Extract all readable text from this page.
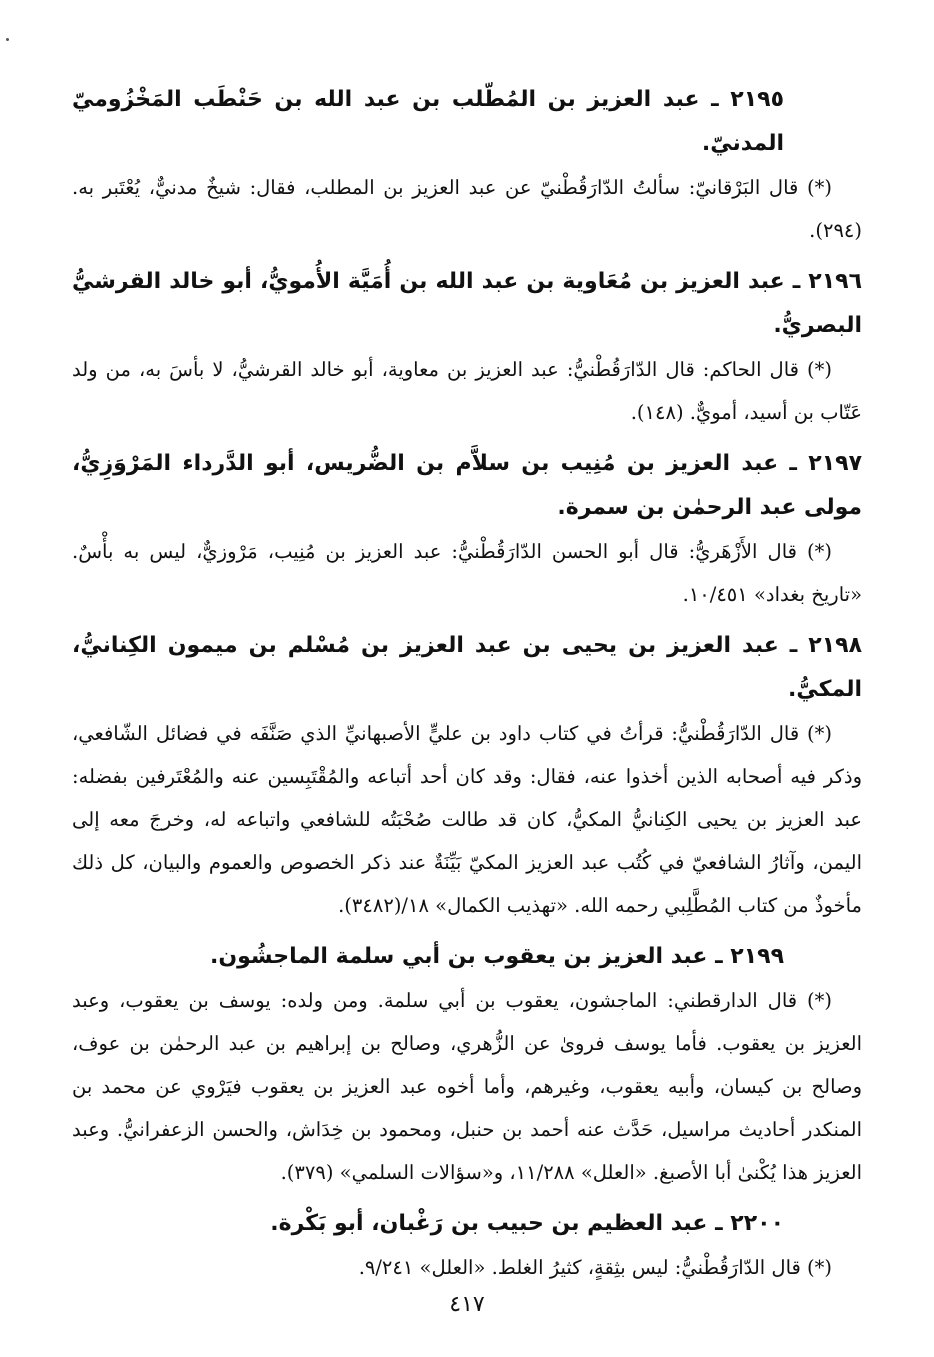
٢١٩٥ ـ عبد العزيز بن المُطّلب بن عبد الله بن حَنْطَب المَخْزُوميّ المدنيّ.

(*) قال البَرْقانيّ: سألتُ الدّارَقُطْنيّ عن عبد العزيز بن المطلب، فقال: شيخٌ مدنيٌّ، يُعْتَبر به. (٢٩٤).

٢١٩٦ ـ عبد العزيز بن مُعَاوية بن عبد الله بن أُمَيَّة الأُمويُّ، أبو خالد القرشيُّ البصريُّ.

(*) قال الحاكم: قال الدّارَقُطْنيُّ: عبد العزيز بن معاوية، أبو خالد القرشيُّ، لا بأسَ به، من ولد عَتّاب بن أسيد، أمويٌّ. (١٤٨).

٢١٩٧ ـ عبد العزيز بن مُنِيب بن سلاَّم بن الضُّريس، أبو الدَّرداء المَرْوَزِيُّ، مولى عبد الرحمٰن بن سمرة.

(*) قال الأَزْهَريُّ: قال أبو الحسن الدّارَقُطْنيُّ: عبد العزيز بن مُنِيب، مَرْوزيٌّ، ليس به بأْسٌ. «تاريخ بغداد» ١٠/٤٥١.

٢١٩٨ ـ عبد العزيز بن يحيى بن عبد العزيز بن مُسْلم بن ميمون الكِنانيُّ، المكيُّ.

(*) قال الدّارَقُطْنيُّ: قرأتُ في كتاب داود بن عليٍّ الأصبهانيِّ الذي صَنَّفَه في فضائل الشّافعي، وذكر فيه أصحابه الذين أخذوا عنه، فقال: وقد كان أحد أتباعه والمُقْتَبِسين عنه والمُعْتَرفين بفضله: عبد العزيز بن يحيى الكِنانيُّ المكيُّ، كان قد طالت صُحْبَتُه للشافعي واتباعه له، وخرجَ معه إلى اليمن، وآثارُ الشافعيّ في كُتُب عبد العزيز المكيّ بَيِّنَةٌ عند ذكر الخصوص والعموم والبيان، كل ذلك مأخوذٌ من كتاب المُطَّلِبي رحمه الله. «تهذيب الكمال» ١٨/(٣٤٨٢).

٢١٩٩ ـ عبد العزيز بن يعقوب بن أبي سلمة الماجشُون.

(*) قال الدارقطني: الماجشون، يعقوب بن أبي سلمة. ومن ولده: يوسف بن يعقوب، وعبد العزيز بن يعقوب. فأما يوسف فروىٰ عن الزُّهري، وصالح بن إبراهيم بن عبد الرحمٰن بن عوف، وصالح بن كيسان، وأبيه يعقوب، وغيرهم، وأما أخوه عبد العزيز بن يعقوب فيَرْوي عن محمد بن المنكدر أحاديث مراسيل، حَدَّث عنه أحمد بن حنبل، ومحمود بن خِدَاش، والحسن الزعفرانيُّ. وعبد العزيز هذا يُكْنىٰ أبا الأصبغ. «العلل» ١١/٢٨٨، و«سؤالات السلمي» (٣٧٩).

٢٢٠٠ ـ عبد العظيم بن حبيب بن رَغْبان، أبو بَكْرة.

(*) قال الدّارَقُطْنيُّ: ليس بثِقةٍ، كثيرُ الغلط. «العلل» ٩/٢٤١.

٤١٧
